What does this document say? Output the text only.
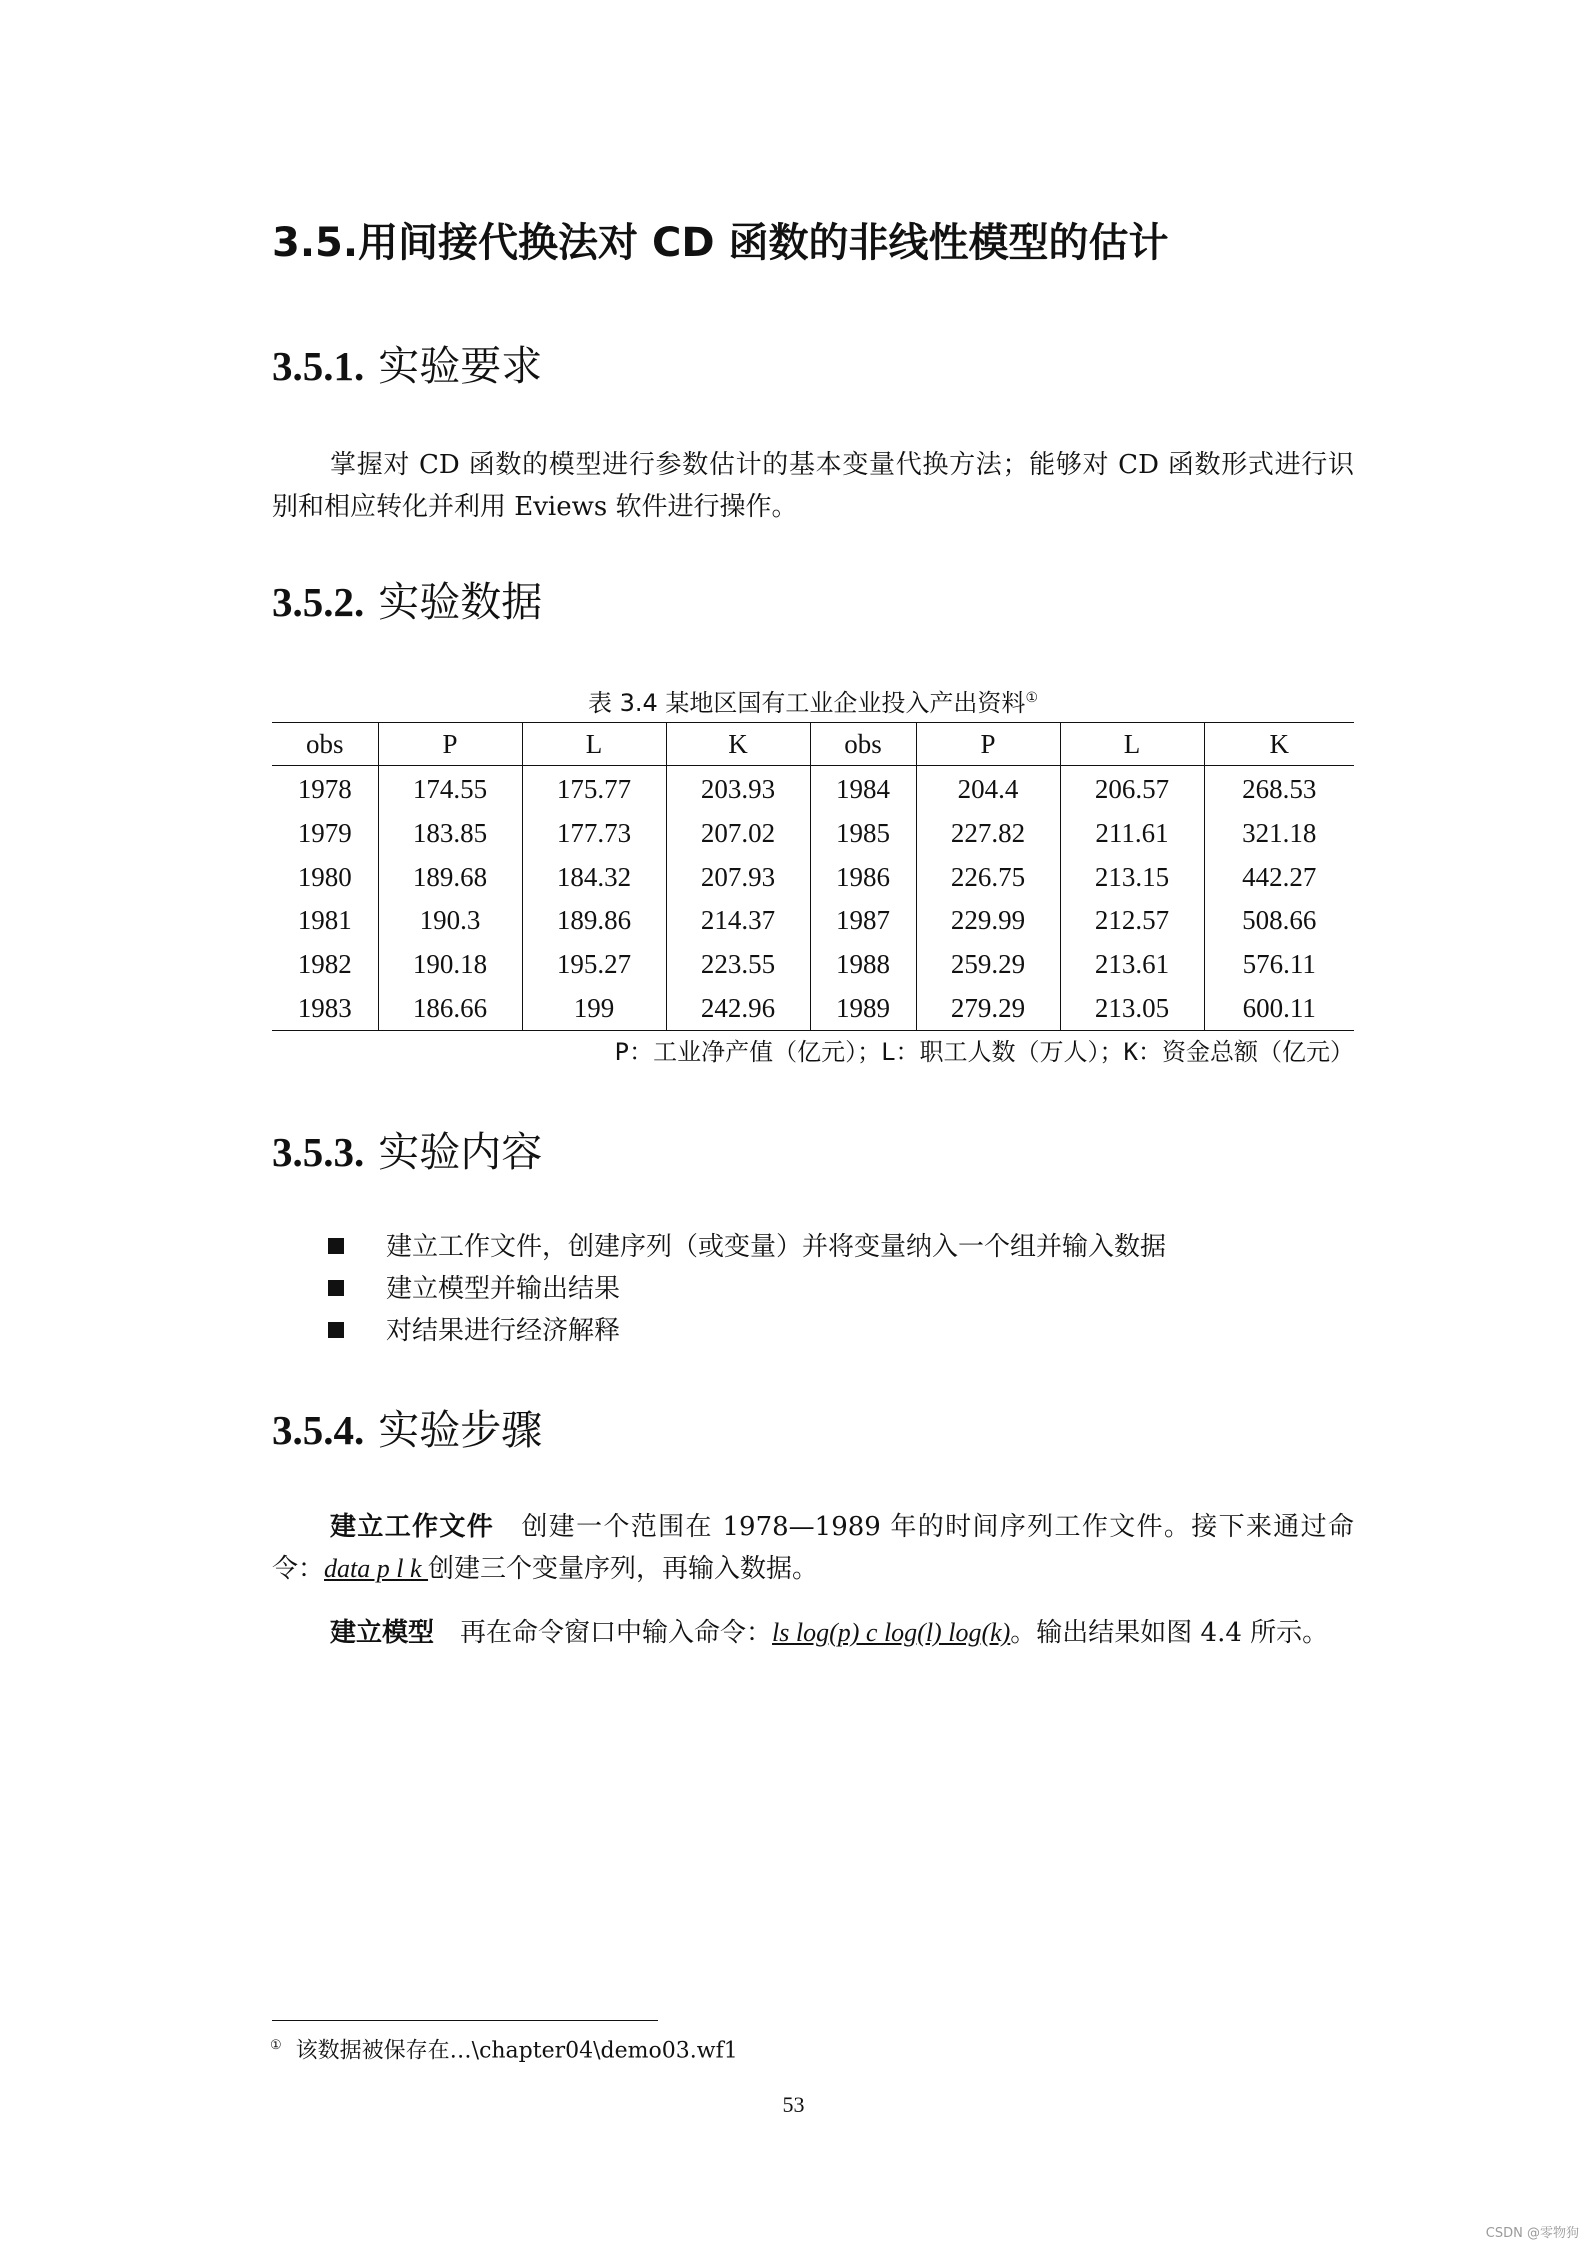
3.5.用间接代换法对 CD 函数的非线性模型的估计
3.5.1. 实验要求
掌握对 CD 函数的模型进行参数估计的基本变量代换方法；能够对 CD 函数形式进行识别和相应转化并利用 Eviews 软件进行操作。
3.5.2. 实验数据
表 3.4 某地区国有工业企业投入产出资料①
obs	P	L	K	obs	P	L	K
1978	174.55	175.77	203.93	1984	204.4	206.57	268.53
1979	183.85	177.73	207.02	1985	227.82	211.61	321.18
1980	189.68	184.32	207.93	1986	226.75	213.15	442.27
1981	190.3	189.86	214.37	1987	229.99	212.57	508.66
1982	190.18	195.27	223.55	1988	259.29	213.61	576.11
1983	186.66	199	242.96	1989	279.29	213.05	600.11
P：工业净产值（亿元）；L：职工人数（万人）；K：资金总额（亿元）
3.5.3. 实验内容
建立工作文件，创建序列（或变量）并将变量纳入一个组并输入数据
建立模型并输出结果
对结果进行经济解释
3.5.4. 实验步骤
建立工作文件  创建一个范围在 1978—1989 年的时间序列工作文件。接下来通过命令：data p l k 创建三个变量序列，再输入数据。
建立模型  再在命令窗口中输入命令：ls log(p) c log(l) log(k)。输出结果如图 4.4 所示。
① 该数据被保存在…\chapter04\demo03.wf1
53
CSDN @零物狗
